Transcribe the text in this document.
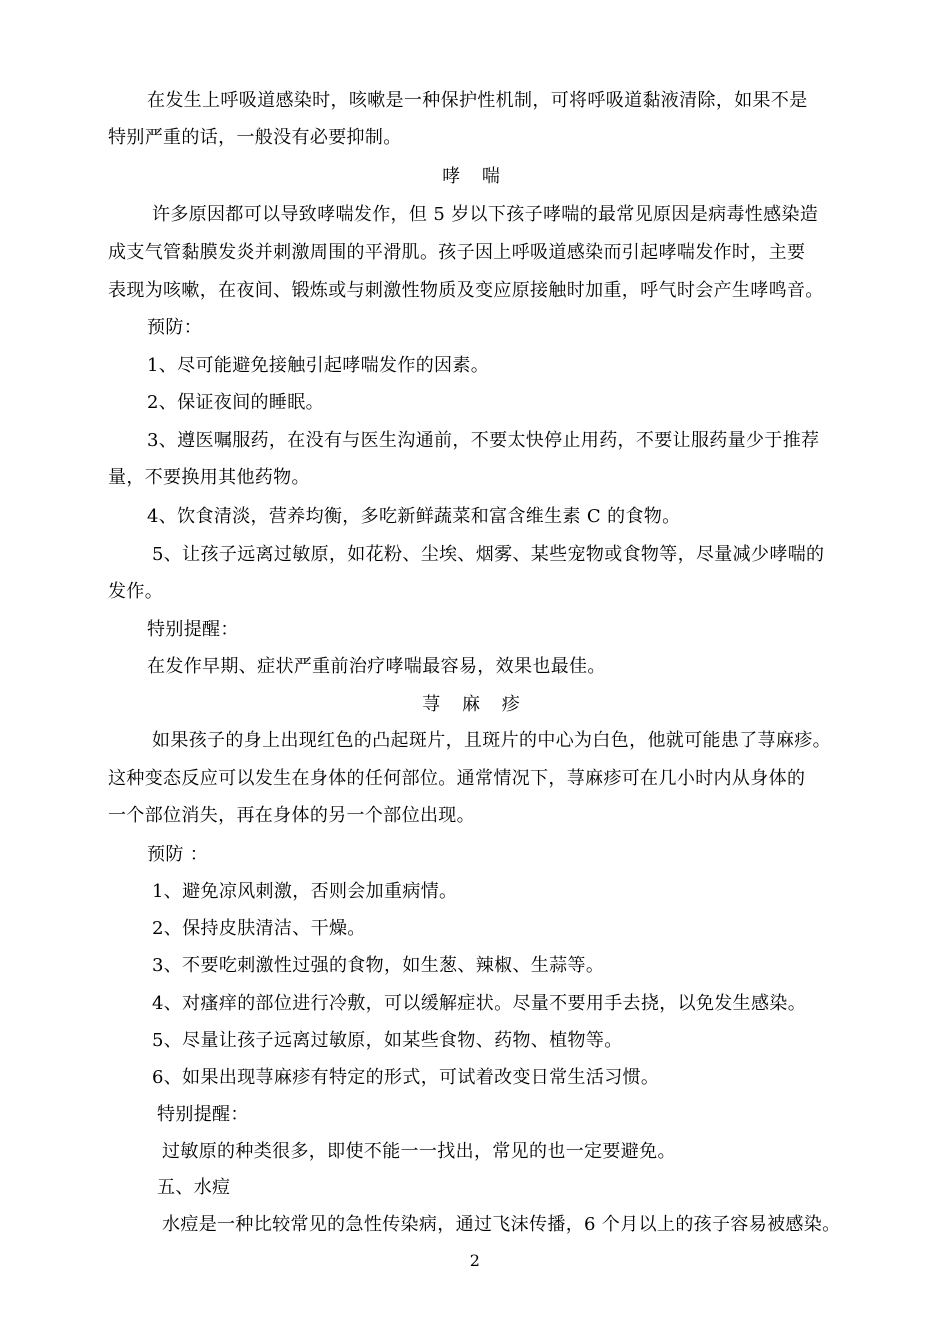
在发生上呼吸道感染时，咳嗽是一种保护性机制，可将呼吸道黏液清除，如果不是
特别严重的话，一般没有必要抑制。
哮 喘
许多原因都可以导致哮喘发作，但 5 岁以下孩子哮喘的最常见原因是病毒性感染造
成支气管黏膜发炎并刺激周围的平滑肌。孩子因上呼吸道感染而引起哮喘发作时，主要
表现为咳嗽，在夜间、锻炼或与刺激性物质及变应原接触时加重，呼气时会产生哮鸣音。
预防：
1、尽可能避免接触引起哮喘发作的因素。
2、保证夜间的睡眠。
3、遵医嘱服药，在没有与医生沟通前，不要太快停止用药，不要让服药量少于推荐
量，不要换用其他药物。
4、饮食清淡，营养均衡，多吃新鲜蔬菜和富含维生素 C 的食物。
5、让孩子远离过敏原，如花粉、尘埃、烟雾、某些宠物或食物等，尽量减少哮喘的
发作。
特别提醒：
在发作早期、症状严重前治疗哮喘最容易，效果也最佳。
荨 麻 疹
如果孩子的身上出现红色的凸起斑片，且斑片的中心为白色，他就可能患了荨麻疹。
这种变态反应可以发生在身体的任何部位。通常情况下，荨麻疹可在几小时内从身体的
一个部位消失，再在身体的另一个部位出现。
预防 ：
1、避免凉风刺激，否则会加重病情。
2、保持皮肤清洁、干燥。
3、不要吃刺激性过强的食物，如生葱、辣椒、生蒜等。
4、对瘙痒的部位进行冷敷，可以缓解症状。尽量不要用手去挠，以免发生感染。
5、尽量让孩子远离过敏原，如某些食物、药物、植物等。
6、如果出现荨麻疹有特定的形式，可试着改变日常生活习惯。
特别提醒：
过敏原的种类很多，即使不能一一找出，常见的也一定要避免。
五、水痘
水痘是一种比较常见的急性传染病，通过飞沫传播，6 个月以上的孩子容易被感染。
2
